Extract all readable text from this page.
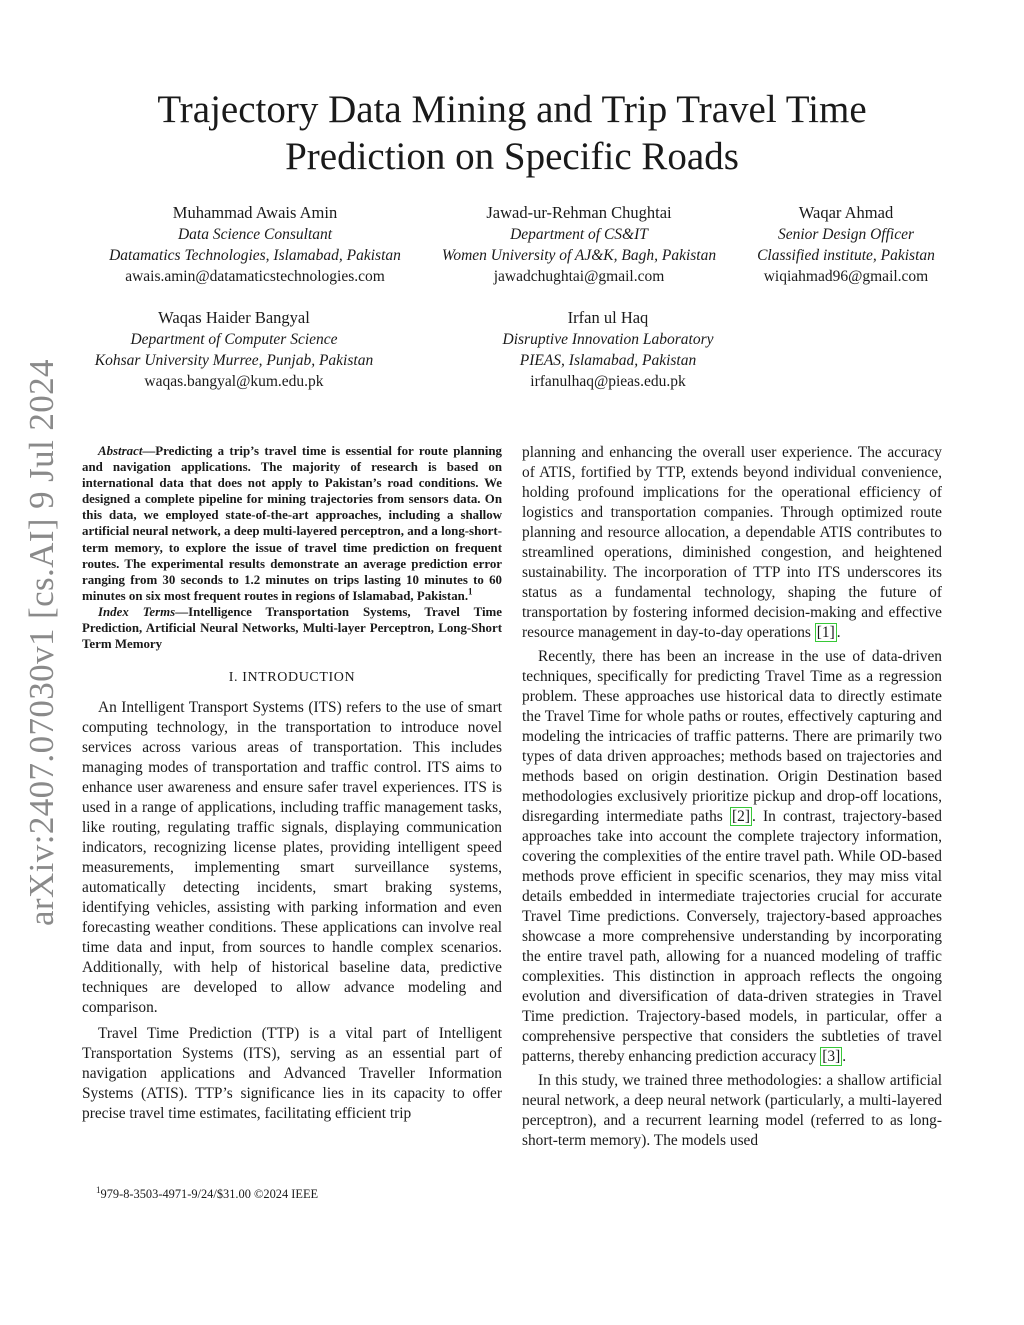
arXiv:2407.07030v1 [cs.AI] 9 Jul 2024
Trajectory Data Mining and Trip Travel Time
Prediction on Specific Roads
Muhammad Awais Amin
Data Science Consultant
Datamatics Technologies, Islamabad, Pakistan
awais.amin@datamaticstechnologies.com
Jawad-ur-Rehman Chughtai
Department of CS&IT
Women University of AJ&K, Bagh, Pakistan
jawadchughtai@gmail.com
Waqar Ahmad
Senior Design Officer
Classified institute, Pakistan
wiqiahmad96@gmail.com
Waqas Haider Bangyal
Department of Computer Science
Kohsar University Murree, Punjab, Pakistan
waqas.bangyal@kum.edu.pk
Irfan ul Haq
Disruptive Innovation Laboratory
PIEAS, Islamabad, Pakistan
irfanulhaq@pieas.edu.pk

Abstract—Predicting a trip’s travel time is essential for route planning and navigation applications. The majority of research is based on international data that does not apply to Pakistan’s road conditions. We designed a complete pipeline for mining trajectories from sensors data. On this data, we employed state-of-the-art approaches, including a shallow artificial neural network, a deep multi-layered perceptron, and a long-short-term memory, to explore the issue of travel time prediction on frequent routes. The experimental results demonstrate an average prediction error ranging from 30 seconds to 1.2 minutes on trips lasting 10 minutes to 60 minutes on six most frequent routes in regions of Islamabad, Pakistan.$^1$

Index Terms—Intelligence Transportation Systems, Travel Time Prediction, Artificial Neural Networks, Multi-layer Perceptron, Long-Short Term Memory

I. INTRODUCTION

An Intelligent Transport Systems (ITS) refers to the use of smart computing technology, in the transportation to introduce novel services across various areas of transportation. This includes managing modes of transportation and traffic control. ITS aims to enhance user awareness and ensure safer travel experiences. ITS is used in a range of applications, including traffic management tasks, like routing, regulating traffic signals, displaying communication indicators, recognizing license plates, providing intelligent speed measurements, implementing smart surveillance systems, automatically detecting incidents, smart braking systems, identifying vehicles, assisting with parking information and even forecasting weather conditions. These applications can involve real time data and input, from sources to handle complex scenarios. Additionally, with help of historical baseline data, predictive techniques are developed to allow advance modeling and comparison.

Travel Time Prediction (TTP) is a vital part of Intelligent Transportation Systems (ITS), serving as an essential part of navigation applications and Advanced Traveller Information Systems (ATIS). TTP’s significance lies in its capacity to offer precise travel time estimates, facilitating efficient trip

$^1$979-8-3503-4971-9/24/$31.00 ©2024 IEEE

planning and enhancing the overall user experience. The accuracy of ATIS, fortified by TTP, extends beyond individual convenience, holding profound implications for the operational efficiency of logistics and transportation companies. Through optimized route planning and resource allocation, a dependable ATIS contributes to streamlined operations, diminished congestion, and heightened sustainability. The incorporation of TTP into ITS underscores its status as a fundamental technology, shaping the future of transportation by fostering informed decision-making and effective resource management in day-to-day operations [1] .

Recently, there has been an increase in the use of data-driven techniques, specifically for predicting Travel Time as a regression problem. These approaches use historical data to directly estimate the Travel Time for whole paths or routes, effectively capturing and modeling the intricacies of traffic patterns. There are primarily two types of data driven approaches; methods based on trajectories and methods based on origin destination. Origin Destination based methodologies exclusively prioritize pickup and drop-off locations, disregarding intermediate paths [2] . In contrast, trajectory-based approaches take into account the complete trajectory information, covering the complexities of the entire travel path. While OD-based methods prove efficient in specific scenarios, they may miss vital details embedded in intermediate trajectories crucial for accurate Travel Time predictions. Conversely, trajectory-based approaches showcase a more comprehensive understanding by incorporating the entire travel path, allowing for a nuanced modeling of traffic complexities. This distinction in approach reflects the ongoing evolution and diversification of data-driven strategies in Travel Time prediction. Trajectory-based models, in particular, offer a comprehensive perspective that considers the subtleties of travel patterns, thereby enhancing prediction accuracy [3] .

In this study, we trained three methodologies: a shallow artificial neural network, a deep neural network (particularly, a multi-layered perceptron), and a recurrent learning model (referred to as long-short-term memory). The models used
